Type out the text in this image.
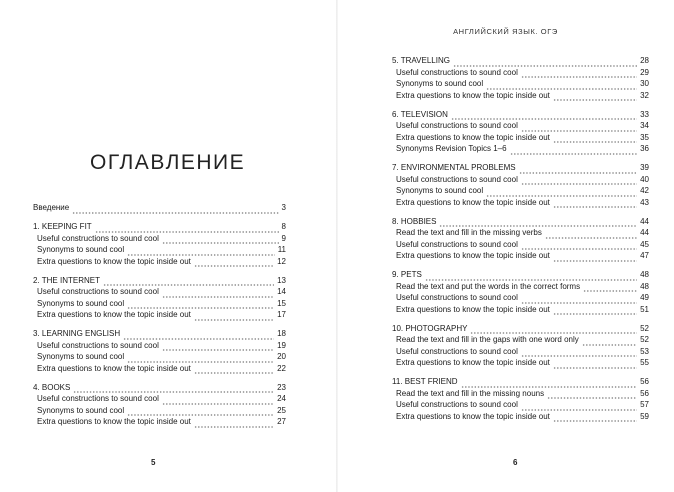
ОГЛАВЛЕНИЕ
Введение	3
1. KEEPING FIT	8
Useful constructions to sound cool	9
Synonyms to sound cool	11
Extra questions to know the topic inside out	12
2. THE INTERNET	13
Useful constructions to sound cool	14
Synonyms to sound cool	15
Extra questions to know the topic inside out	17
3. LEARNING ENGLISH	18
Useful constructions to sound cool	19
Synonyms to sound cool	20
Extra questions to know the topic inside out	22
4. BOOKS	23
Useful constructions to sound cool	24
Synonyms to sound cool	25
Extra questions to know the topic inside out	27
5
АНГЛИЙСКИЙ ЯЗЫК. ОГЭ
5. TRAVELLING	28
Useful constructions to sound cool	29
Synonyms to sound cool	30
Extra questions to know the topic inside out	32
6. TELEVISION	33
Useful constructions to sound cool	34
Extra questions to know the topic inside out	35
Synonyms Revision Topics 1–6	36
7. ENVIRONMENTAL PROBLEMS	39
Useful constructions to sound cool	40
Synonyms to sound cool	42
Extra questions to know the topic inside out	43
8. HOBBIES	44
Read the text and fill in the missing verbs	44
Useful constructions to sound cool	45
Extra questions to know the topic inside out	47
9. PETS	48
Read the text and put the words in the correct forms	48
Useful constructions to sound cool	49
Extra questions to know the topic inside out	51
10. PHOTOGRAPHY	52
Read the text and fill in the gaps with one word only	52
Useful constructions to sound cool	53
Extra questions to know the topic inside out	55
11. BEST FRIEND	56
Read the text and fill in the missing nouns	56
Useful constructions to sound cool	57
Extra questions to know the topic inside out	59
6
